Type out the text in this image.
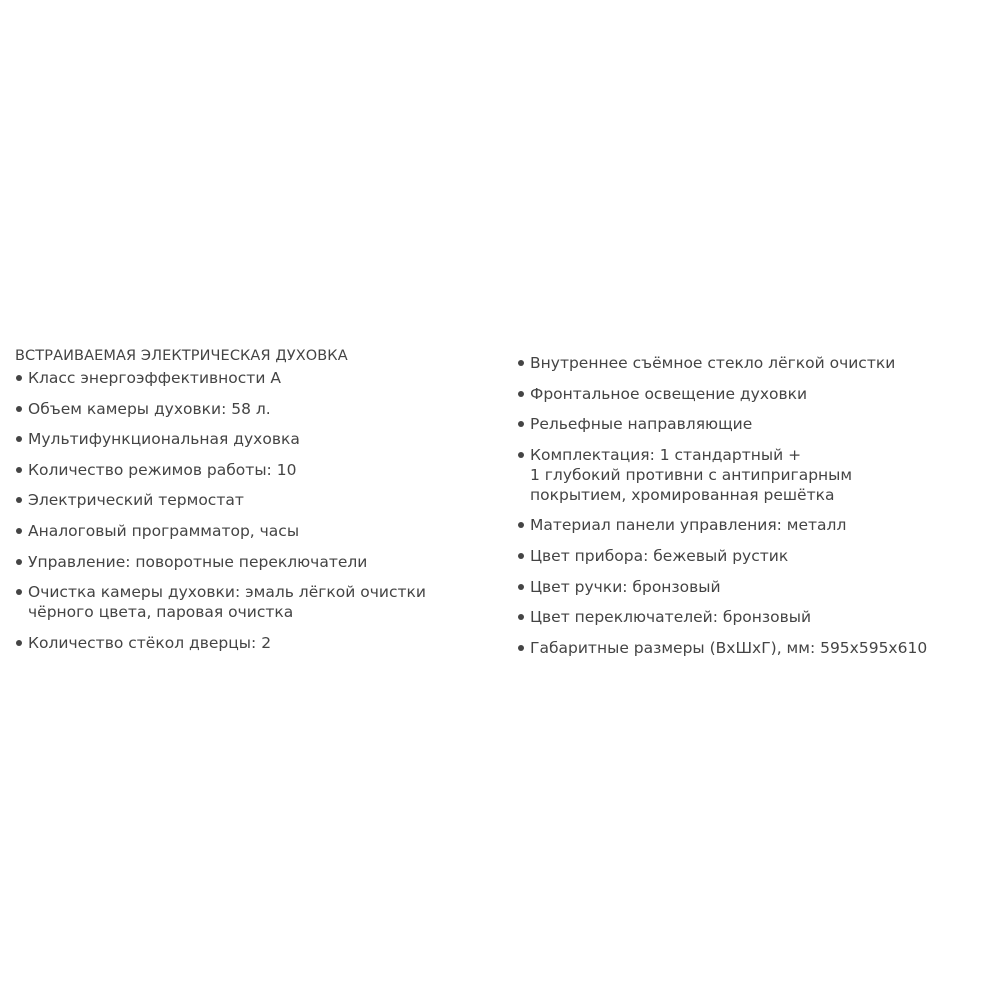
ВСТРАИВАЕМАЯ ЭЛЕКТРИЧЕСКАЯ ДУХОВКА
Класс энергоэффективности А
Объем камеры духовки: 58 л.
Мультифункциональная духовка
Количество режимов работы: 10
Электрический термостат
Аналоговый программатор, часы
Управление: поворотные переключатели
Очистка камеры духовки: эмаль лёгкой очистки
чёрного цвета, паровая очистка
Количество стёкол дверцы: 2
Внутреннее съёмное стекло лёгкой очистки
Фронтальное освещение духовки
Рельефные направляющие
Комплектация: 1 стандартный +
1 глубокий противни с антипригарным
покрытием, хромированная решётка
Материал панели управления: металл
Цвет прибора: бежевый рустик
Цвет ручки: бронзовый
Цвет переключателей: бронзовый
Габаритные размеры (ВхШхГ), мм: 595х595х610
